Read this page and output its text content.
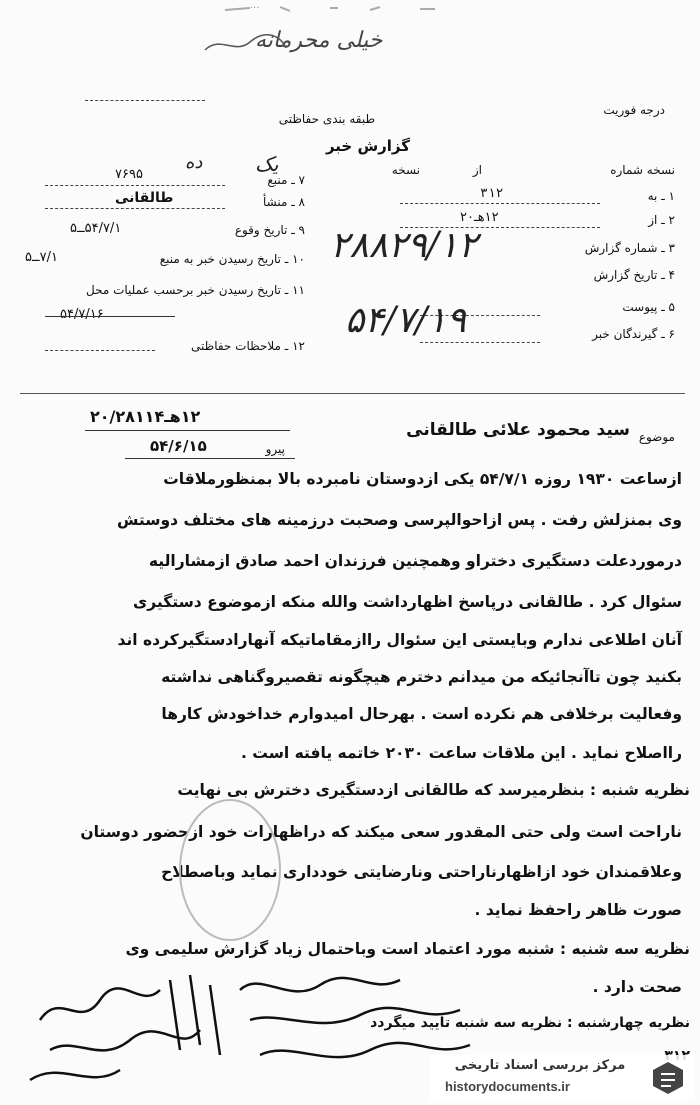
...
خیلی محرمانه
درجه فوریت
طبقه بندی حفاظتی
گزارش خبر
نسخه شماره
یک	از
ده	نسخه
۱ ـ به
۳۱۲
۲ ـ از
۱۲هـ۲۰
۳ ـ شماره گزارش
۴ ـ تاریخ گزارش
۵ ـ پیوست
۶ ـ گیرندگان خبر
۷ ـ منبع
۷۶۹۵
۸ ـ منشأ
طالقانی
۹ ـ تاریخ وقوع
۵۴/۷/۱ــ۵
۱۰ ـ تاریخ رسیدن خبر به منبع
۷/۱ــ۵
۱۱ ـ تاریخ رسیدن خبر برحسب عملیات محل
۵۴/۷/۱۶
۱۲ ـ ملاحظات حفاظتی
۲۸۸۲۹/۱۲
۵۴/۷/۱۹
موضوع
سید محمود علائی طالقانی
۱۲هـ۲۰/۲۸۱۱۴
پیرو
۵۴/۶/۱۵
ازساعت ۱۹۳۰ روزه ۵۴/۷/۱ یکی ازدوستان نامبرده بالا بمنظورملاقات
وی بمنزلش رفت . پس ازاحوالپرسی وصحبت درزمینه های مختلف دوستش
درموردعلت دستگیری دختراو وهمچنین فرزندان احمد صادق ازمشارالیه
سئوال کرد . طالقانی درپاسخ اظهارداشت والله منکه ازموضوع دستگیری
آنان اطلاعی ندارم وبایستی این سئوال راازمقاماتیکه آنهارادستگیرکرده اند
بکنید چون تاآنجائیکه من میدانم دخترم هیچگونه تقصیروگناهی نداشته
وفعالیت برخلافی هم نکرده است . بهرحال امیدوارم خداخودش کارها
رااصلاح نماید . این ملاقات ساعت ۲۰۳۰ خاتمه یافته است .
نظریه شنبه : بنظرمیرسد که طالقانی ازدستگیری دخترش بی نهایت
ناراحت است ولی حتی المقدور سعی میکند که دراظهارات خود ازحضور دوستان
وعلاقمندان خود ازاظهارناراحتی ونارضایتی خودداری نماید وباصطلاح
صورت ظاهر راحفظ نماید .
نظریه سه شنبه : شنبه مورد اعتماد است وباحتمال زیاد گزارش سلیمی وی
صحت دارد .
نظریه چهارشنبه : نظریه سه شنبه تایید میگردد
مرکز بررسی اسناد تاریخی
historydocuments.ir
